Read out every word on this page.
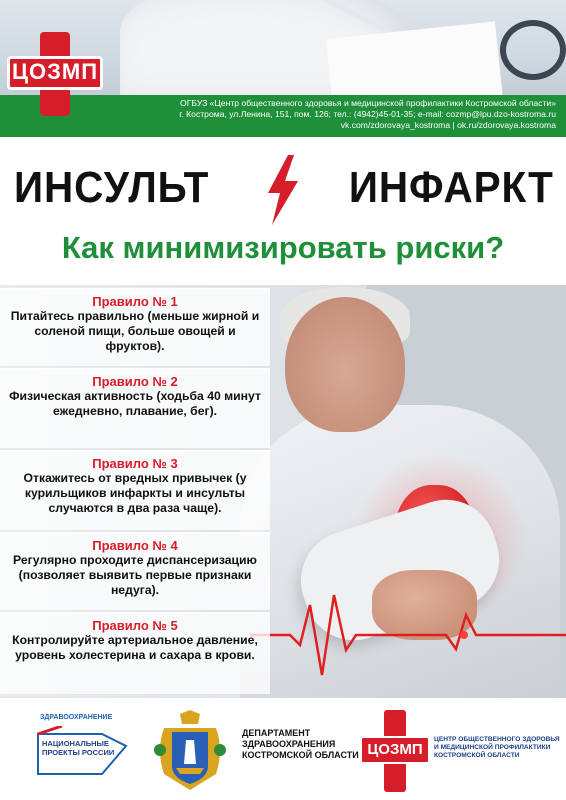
ОГБУЗ «Центр общественного здоровья и медицинской профилактики Костромской области»
г. Кострома, ул.Ленина, 151, пом. 126; тел.: (4942)45-01-35; e-mail: cozmp@lpu.dzo-kostroma.ru
vk.com/zdorovaya_kostroma | ok.ru/zdorovaya.kostroma
ЦОЗМП
ИНСУЛЬТ	ИНФАРКТ
Как минимизировать риски?
Правило № 1
Питайтесь правильно (меньше жирной и соленой пищи, больше овощей и фруктов).
Правило № 2
Физическая активность (ходьба 40 минут ежедневно, плавание, бег).
Правило № 3
Откажитесь от вредных привычек (у курильщиков инфаркты и инсульты случаются в два раза чаще).
Правило № 4
Регулярно проходите диспансеризацию (позволяет выявить первые признаки недуга).
Правило № 5
Контролируйте артериальное давление, уровень холестерина и сахара в крови.
ЗДРАВООХРАНЕНИЕ
НАЦИОНАЛЬНЫЕ ПРОЕКТЫ РОССИИ
ДЕПАРТАМЕНТ
ЗДРАВООХРАНЕНИЯ
КОСТРОМСКОЙ ОБЛАСТИ ЦОЗМП
ЦЕНТР ОБЩЕСТВЕННОГО ЗДОРОВЬЯ И МЕДИЦИНСКОЙ ПРОФИЛАКТИКИ КОСТРОМСКОЙ ОБЛАСТИ
